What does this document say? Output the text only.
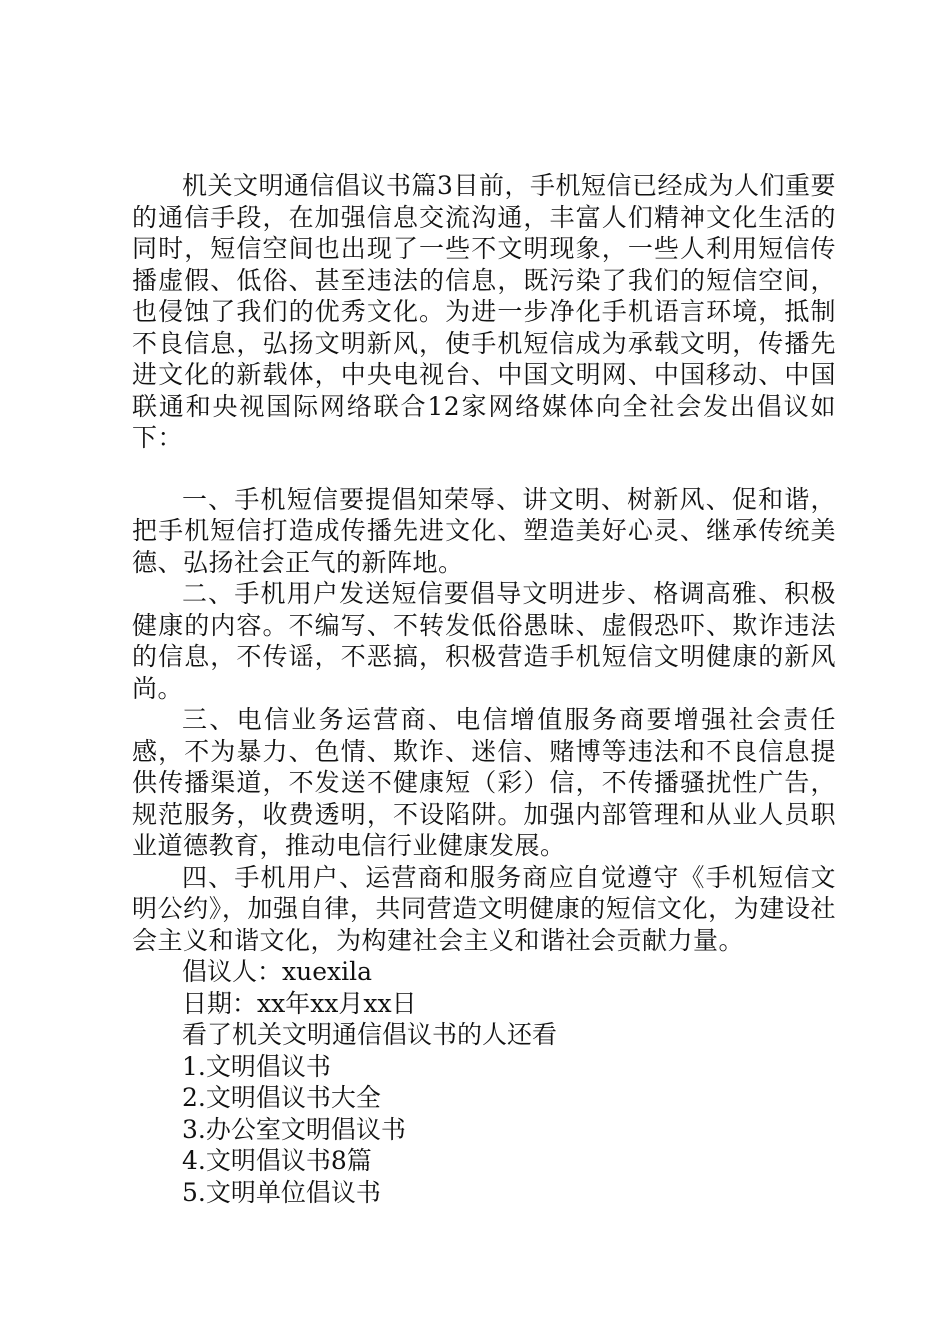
机关文明通信倡议书篇3目前，手机短信已经成为人们重要的通信手段，在加强信息交流沟通，丰富人们精神文化生活的同时，短信空间也出现了一些不文明现象，一些人利用短信传播虚假、低俗、甚至违法的信息，既污染了我们的短信空间，也侵蚀了我们的优秀文化。为进一步净化手机语言环境，抵制不良信息，弘扬文明新风，使手机短信成为承载文明，传播先进文化的新载体，中央电视台、中国文明网、中国移动、中国联通和央视国际网络联合12家网络媒体向全社会发出倡议如下：

一、手机短信要提倡知荣辱、讲文明、树新风、促和谐，把手机短信打造成传播先进文化、塑造美好心灵、继承传统美德、弘扬社会正气的新阵地。

二、手机用户发送短信要倡导文明进步、格调高雅、积极健康的内容。不编写、不转发低俗愚昧、虚假恐吓、欺诈违法的信息，不传谣，不恶搞，积极营造手机短信文明健康的新风尚。

三、电信业务运营商、电信增值服务商要增强社会责任感，不为暴力、色情、欺诈、迷信、赌博等违法和不良信息提供传播渠道，不发送不健康短（彩）信，不传播骚扰性广告，规范服务，收费透明，不设陷阱。加强内部管理和从业人员职业道德教育，推动电信行业健康发展。

四、手机用户、运营商和服务商应自觉遵守《手机短信文明公约》，加强自律，共同营造文明健康的短信文化，为建设社会主义和谐文化，为构建社会主义和谐社会贡献力量。

倡议人：xuexila

日期：xx年xx月xx日

看了机关文明通信倡议书的人还看

1.文明倡议书
2.文明倡议书大全
3.办公室文明倡议书
4.文明倡议书8篇
5.文明单位倡议书
